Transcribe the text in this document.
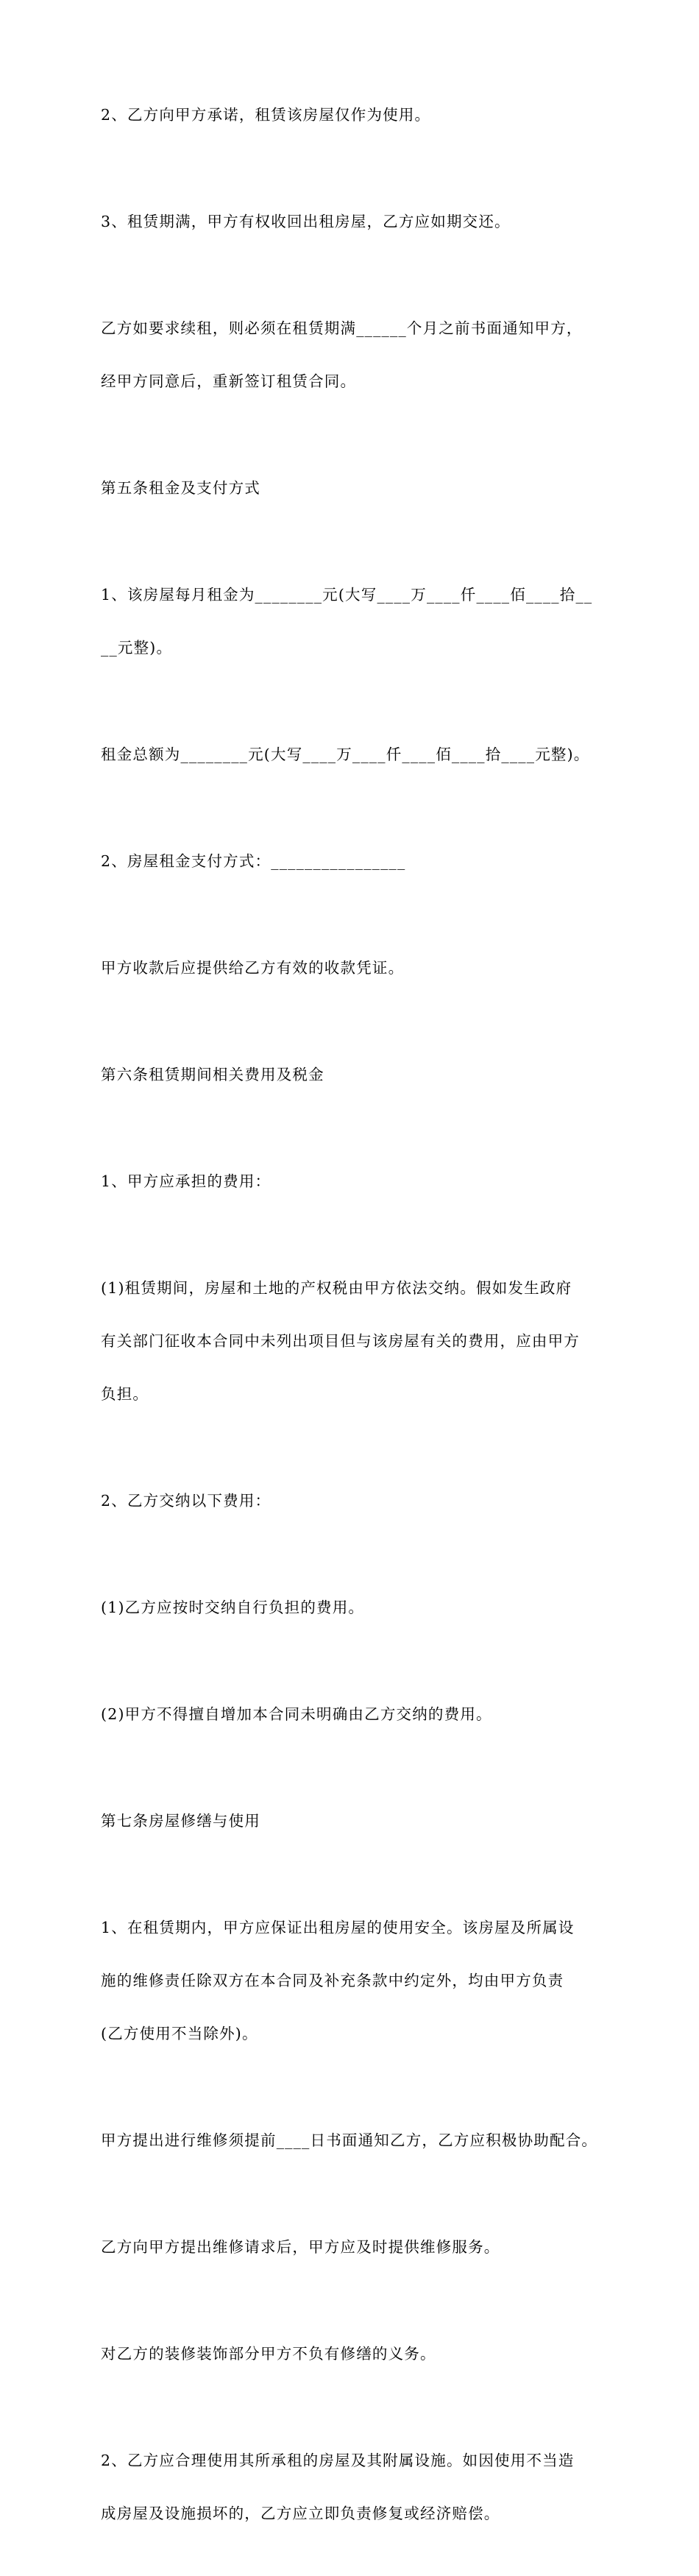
2、乙方向甲方承诺，租赁该房屋仅作为使用。

3、租赁期满，甲方有权收回出租房屋，乙方应如期交还。

乙方如要求续租，则必须在租赁期满______个月之前书面通知甲方，

经甲方同意后，重新签订租赁合同。

第五条租金及支付方式

1、该房屋每月租金为________元(大写____万____仟____佰____拾__

__元整)。

租金总额为________元(大写____万____仟____佰____拾____元整)。

2、房屋租金支付方式：________________

甲方收款后应提供给乙方有效的收款凭证。

第六条租赁期间相关费用及税金

1、甲方应承担的费用：

(1)租赁期间，房屋和土地的产权税由甲方依法交纳。假如发生政府

有关部门征收本合同中未列出项目但与该房屋有关的费用，应由甲方

负担。

2、乙方交纳以下费用：

(1)乙方应按时交纳自行负担的费用。

(2)甲方不得擅自增加本合同未明确由乙方交纳的费用。

第七条房屋修缮与使用

1、在租赁期内，甲方应保证出租房屋的使用安全。该房屋及所属设

施的维修责任除双方在本合同及补充条款中约定外，均由甲方负责

(乙方使用不当除外)。

甲方提出进行维修须提前____日书面通知乙方，乙方应积极协助配合。

乙方向甲方提出维修请求后，甲方应及时提供维修服务。

对乙方的装修装饰部分甲方不负有修缮的义务。

2、乙方应合理使用其所承租的房屋及其附属设施。如因使用不当造

成房屋及设施损坏的，乙方应立即负责修复或经济赔偿。
